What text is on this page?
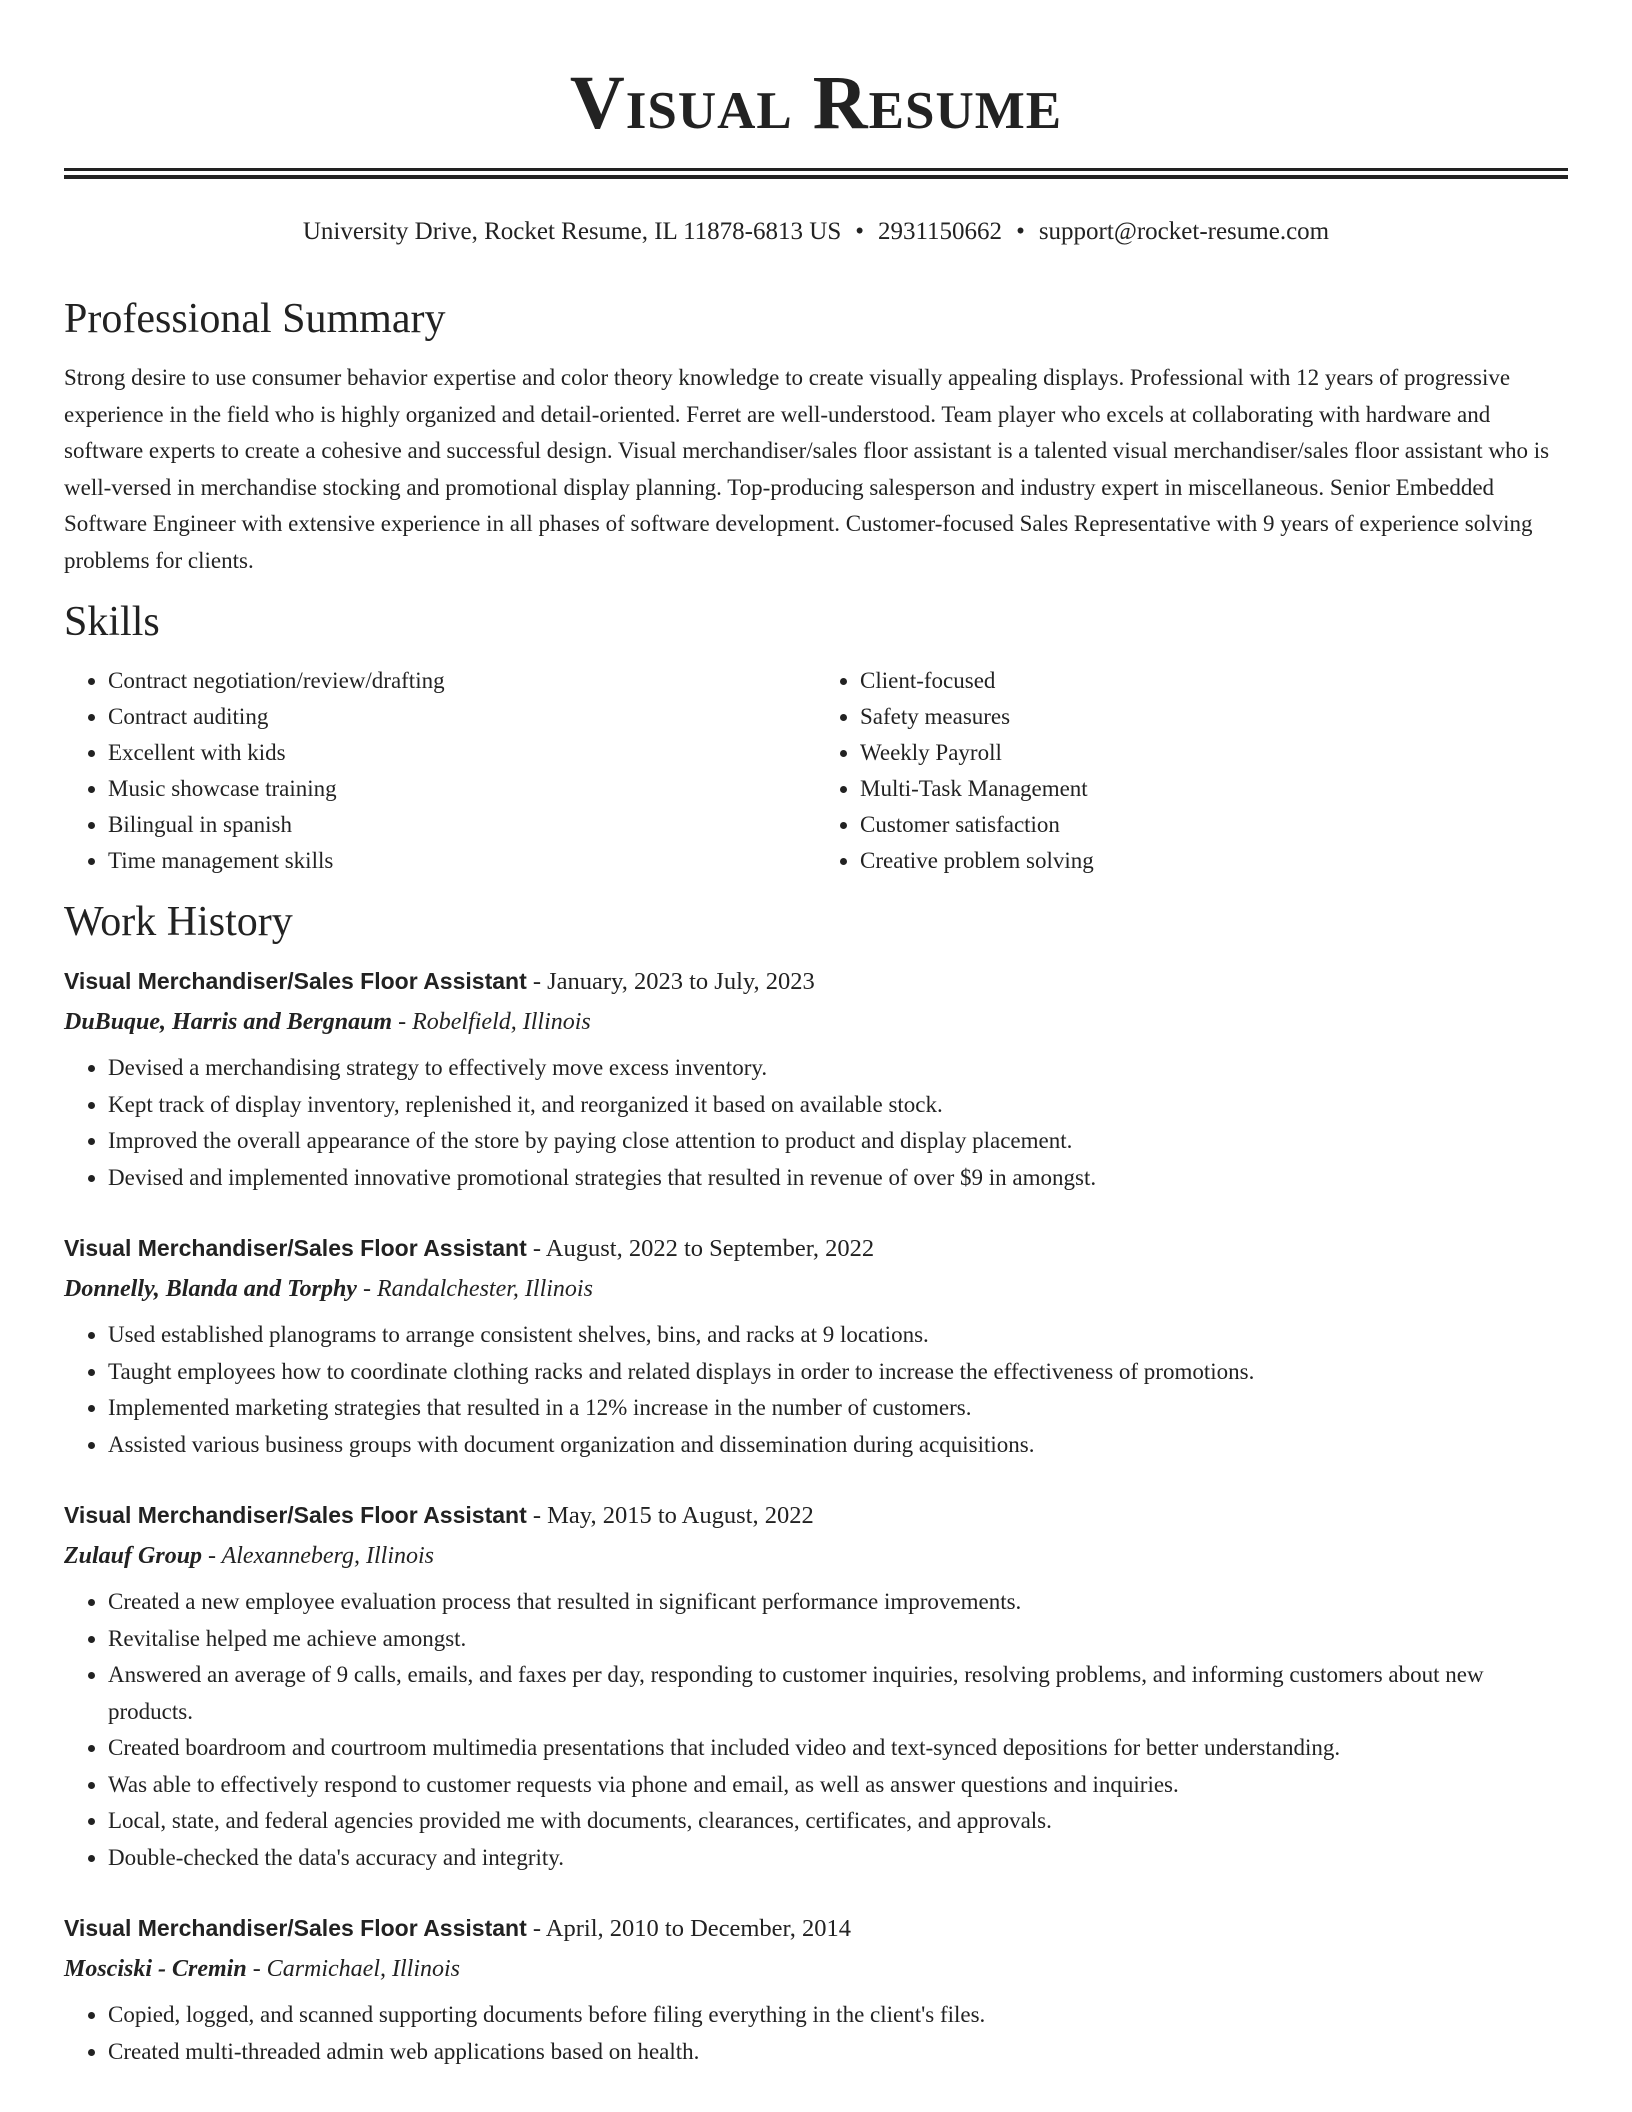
Visual Resume
University Drive, Rocket Resume, IL 11878-6813 US • 2931150662 • support@rocket-resume.com
Professional Summary

Strong desire to use consumer behavior expertise and color theory knowledge to create visually appealing displays. Professional with 12 years of progressive experience in the field who is highly organized and detail-oriented. Ferret are well-understood. Team player who excels at collaborating with hardware and software experts to create a cohesive and successful design. Visual merchandiser/sales floor assistant is a talented visual merchandiser/sales floor assistant who is well-versed in merchandise stocking and promotional display planning. Top-producing salesperson and industry expert in miscellaneous. Senior Embedded Software Engineer with extensive experience in all phases of software development. Customer-focused Sales Representative with 9 years of experience solving problems for clients.

Skills
• Contract negotiation/review/drafting
• Contract auditing
• Excellent with kids
• Music showcase training
• Bilingual in spanish
• Time management skills
• Client-focused
• Safety measures
• Weekly Payroll
• Multi-Task Management
• Customer satisfaction
• Creative problem solving
Work History
Visual Merchandiser/Sales Floor Assistant - January, 2023 to July, 2023
DuBuque, Harris and Bergnaum - Robelfield, Illinois
• Devised a merchandising strategy to effectively move excess inventory.
• Kept track of display inventory, replenished it, and reorganized it based on available stock.
• Improved the overall appearance of the store by paying close attention to product and display placement.
• Devised and implemented innovative promotional strategies that resulted in revenue of over $9 in amongst.
Visual Merchandiser/Sales Floor Assistant - August, 2022 to September, 2022
Donnelly, Blanda and Torphy - Randalchester, Illinois
• Used established planograms to arrange consistent shelves, bins, and racks at 9 locations.
• Taught employees how to coordinate clothing racks and related displays in order to increase the effectiveness of promotions.
• Implemented marketing strategies that resulted in a 12% increase in the number of customers.
• Assisted various business groups with document organization and dissemination during acquisitions.
Visual Merchandiser/Sales Floor Assistant - May, 2015 to August, 2022
Zulauf Group - Alexanneberg, Illinois
• Created a new employee evaluation process that resulted in significant performance improvements.
• Revitalise helped me achieve amongst.
• Answered an average of 9 calls, emails, and faxes per day, responding to customer inquiries, resolving problems, and informing customers about new products.
• Created boardroom and courtroom multimedia presentations that included video and text-synced depositions for better understanding.
• Was able to effectively respond to customer requests via phone and email, as well as answer questions and inquiries.
• Local, state, and federal agencies provided me with documents, clearances, certificates, and approvals.
• Double-checked the data's accuracy and integrity.
Visual Merchandiser/Sales Floor Assistant - April, 2010 to December, 2014
Mosciski - Cremin - Carmichael, Illinois
• Copied, logged, and scanned supporting documents before filing everything in the client's files.
• Created multi-threaded admin web applications based on health.
